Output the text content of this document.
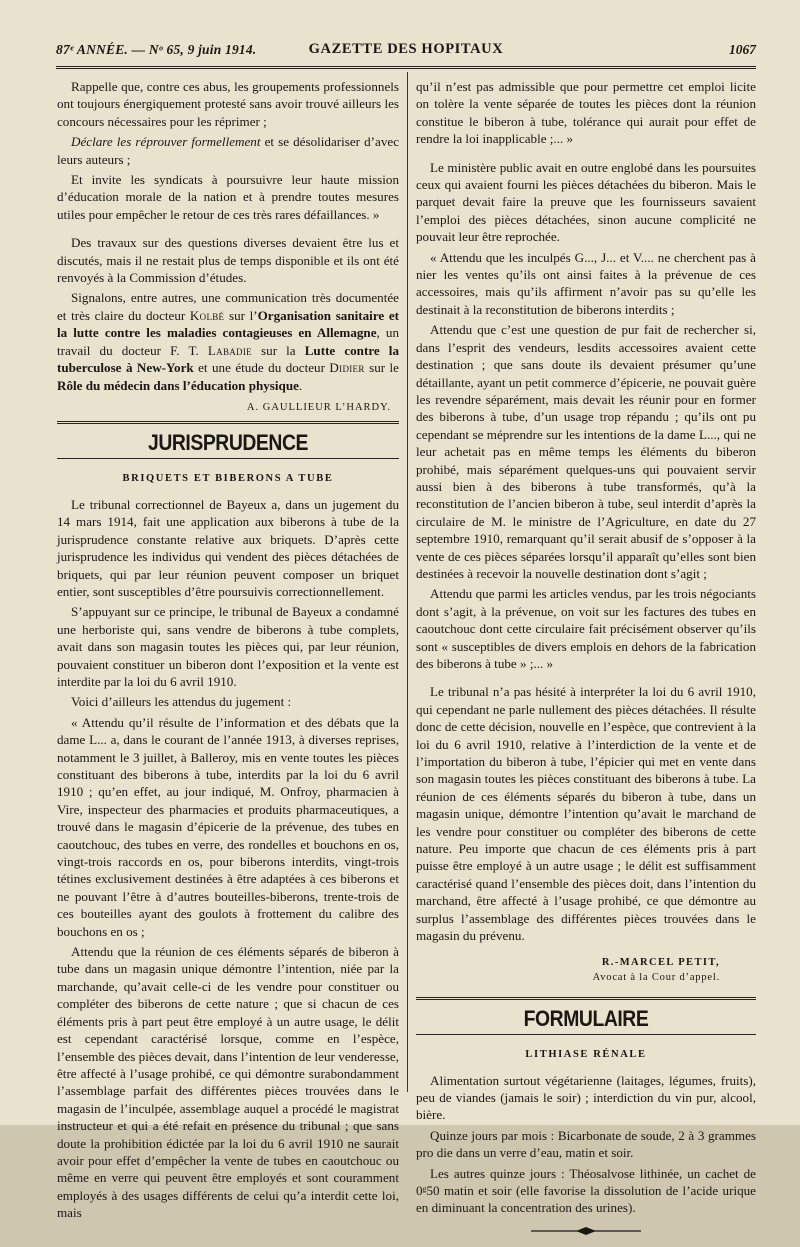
87ᵉ ANNÉE. — Nᵒ 65, 9 juin 1914.	GAZETTE DES HOPITAUX	1067

Rappelle que, contre ces abus, les groupements professionnels ont toujours énergiquement protesté sans avoir trouvé ailleurs les concours nécessaires pour les réprimer ;

Déclare les réprouver formellement et se désolidariser d’avec leurs auteurs ;

Et invite les syndicats à poursuivre leur haute mission d’éducation morale de la nation et à prendre toutes mesures utiles pour empêcher le retour de ces très rares défaillances. »

Des travaux sur des questions diverses devaient être lus et discutés, mais il ne restait plus de temps disponible et ils ont été renvoyés à la Commission d’études.

Signalons, entre autres, une communication très documentée et très claire du docteur Kolbé sur l’Organisation sanitaire et la lutte contre les maladies contagieuses en Allemagne, un travail du docteur F. T. Labadie sur la Lutte contre la tuberculose à New-York et une étude du docteur Didier sur le Rôle du médecin dans l’éducation physique.

A. GAULLIEUR L’HARDY.
JURISPRUDENCE
BRIQUETS ET BIBERONS A TUBE

Le tribunal correctionnel de Bayeux a, dans un jugement du 14 mars 1914, fait une application aux biberons à tube de la jurisprudence constante relative aux briquets. D’après cette jurisprudence les individus qui vendent des pièces détachées de briquets, qui par leur réunion peuvent composer un briquet entier, sont susceptibles d’être poursuivis correctionnellement.

S’appuyant sur ce principe, le tribunal de Bayeux a condamné une herboriste qui, sans vendre de biberons à tube complets, avait dans son magasin toutes les pièces qui, par leur réunion, pouvaient constituer un biberon dont l’exposition et la vente est interdite par la loi du 6 avril 1910.

Voici d’ailleurs les attendus du jugement :

« Attendu qu’il résulte de l’information et des débats que la dame L... a, dans le courant de l’année 1913, à diverses reprises, notamment le 3 juillet, à Balleroy, mis en vente toutes les pièces constituant des biberons à tube, interdits par la loi du 6 avril 1910 ; qu’en effet, au jour indiqué, M. Onfroy, pharmacien à Vire, inspecteur des pharmacies et produits pharmaceutiques, a trouvé dans le magasin d’épicerie de la prévenue, des tubes en caoutchouc, des tubes en verre, des rondelles et bouchons en os, vingt-trois raccords en os, pour biberons interdits, vingt-trois tétines exclusivement destinées à être adaptées à ces biberons et ne pouvant l’être à d’autres bouteilles-biberons, trente-trois de ces bouteilles ayant des goulots à frottement du calibre des bouchons en os ;

Attendu que la réunion de ces éléments séparés de biberon à tube dans un magasin unique démontre l’intention, niée par la marchande, qu’avait celle-ci de les vendre pour constituer ou compléter des biberons de cette nature ; que si chacun de ces éléments pris à part peut être employé à un autre usage, le délit est cependant caractérisé lorsque, comme en l’espèce, l’ensemble des pièces devait, dans l’intention de leur venderesse, être affecté à l’usage prohibé, ce qui démontre surabondamment l’assemblage parfait des différentes pièces trouvées dans le magasin de l’inculpée, assemblage auquel a procédé le magistrat instructeur et qui a été refait en présence du tribunal ; que sans doute la prohibition édictée par la loi du 6 avril 1910 ne saurait avoir pour effet d’empêcher la vente de tubes en caoutchouc ou même en verre qui peuvent être employés et sont couramment employés à des usages différents de celui qu’a interdit cette loi, mais

qu’il n’est pas admissible que pour permettre cet emploi licite on tolère la vente séparée de toutes les pièces dont la réunion constitue le biberon à tube, tolérance qui aurait pour effet de rendre la loi inapplicable ;... »

Le ministère public avait en outre englobé dans les poursuites ceux qui avaient fourni les pièces détachées du biberon. Mais le parquet devait faire la preuve que les fournisseurs savaient l’emploi des pièces détachées, sinon aucune complicité ne pouvait leur être reprochée.

« Attendu que les inculpés G..., J... et V.... ne cherchent pas à nier les ventes qu’ils ont ainsi faites à la prévenue de ces accessoires, mais qu’ils affirment n’avoir pas su qu’elle les destinait à la reconstitution de biberons interdits ;

Attendu que c’est une question de pur fait de rechercher si, dans l’esprit des vendeurs, lesdits accessoires avaient cette destination ; que sans doute ils devaient présumer qu’une détaillante, ayant un petit commerce d’épicerie, ne pouvait guère les revendre séparément, mais devait les réunir pour en former des biberons à tube, d’un usage trop répandu ; qu’ils ont pu cependant se méprendre sur les intentions de la dame L..., qui ne leur achetait pas en même temps les éléments du biberon prohibé, mais séparément quelques-uns qui pouvaient servir aussi bien à des biberons à tube transformés, qu’à la reconstitution de l’ancien biberon à tube, seul interdit d’après la circulaire de M. le ministre de l’Agriculture, en date du 27 septembre 1910, remarquant qu’il serait abusif de s’opposer à la vente de ces pièces séparées lorsqu’il apparaît qu’elles sont bien destinées à recevoir la nouvelle destination dont s’agit ;

Attendu que parmi les articles vendus, par les trois négociants dont s’agit, à la prévenue, on voit sur les factures des tubes en caoutchouc dont cette circulaire fait précisément observer qu’ils sont « susceptibles de divers emplois en dehors de la fabrication des biberons à tube » ;... »

Le tribunal n’a pas hésité à interpréter la loi du 6 avril 1910, qui cependant ne parle nullement des pièces détachées. Il résulte donc de cette décision, nouvelle en l’espèce, que contrevient à la loi du 6 avril 1910, relative à l’interdiction de la vente et de l’importation du biberon à tube, l’épicier qui met en vente dans son magasin toutes les pièces constituant des biberons à tube. La réunion de ces éléments séparés du biberon à tube, dans un magasin unique, démontre l’intention qu’avait le marchand de les vendre pour constituer ou compléter des biberons de cette nature. Peu importe que chacun de ces éléments pris à part puisse être employé à un autre usage ; le délit est suffisamment caractérisé quand l’ensemble des pièces doit, dans l’intention du marchand, être affecté à l’usage prohibé, ce que démontre au surplus l’assemblage des différentes pièces trouvées dans le magasin du prévenu.

R.-MARCEL PETIT,
Avocat à la Cour d’appel.
FORMULAIRE
LITHIASE RÉNALE

Alimentation surtout végétarienne (laitages, légumes, fruits), peu de viandes (jamais le soir) ; interdiction du vin pur, alcool, bière.

Quinze jours par mois : Bicarbonate de soude, 2 à 3 grammes pro die dans un verre d’eau, matin et soir.

Les autres quinze jours : Théosalvose lithinée, un cachet de 0ᵍ50 matin et soir (elle favorise la dissolution de l’acide urique en diminuant la concentration des urines).
